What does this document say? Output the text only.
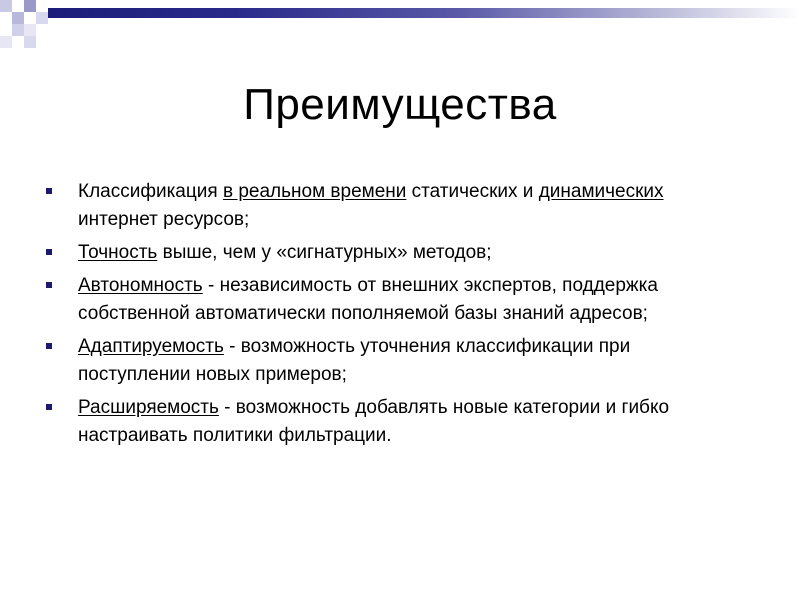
Преимущества
Классификация в реальном времени статических и динамических интернет ресурсов;
Точность выше, чем у «сигнатурных» методов;
Автономность - независимость от внешних экспертов, поддержка собственной автоматически пополняемой базы знаний адресов;
Адаптируемость - возможность уточнения классификации при поступлении новых примеров;
Расширяемость - возможность добавлять новые категории и гибко настраивать политики фильтрации.
